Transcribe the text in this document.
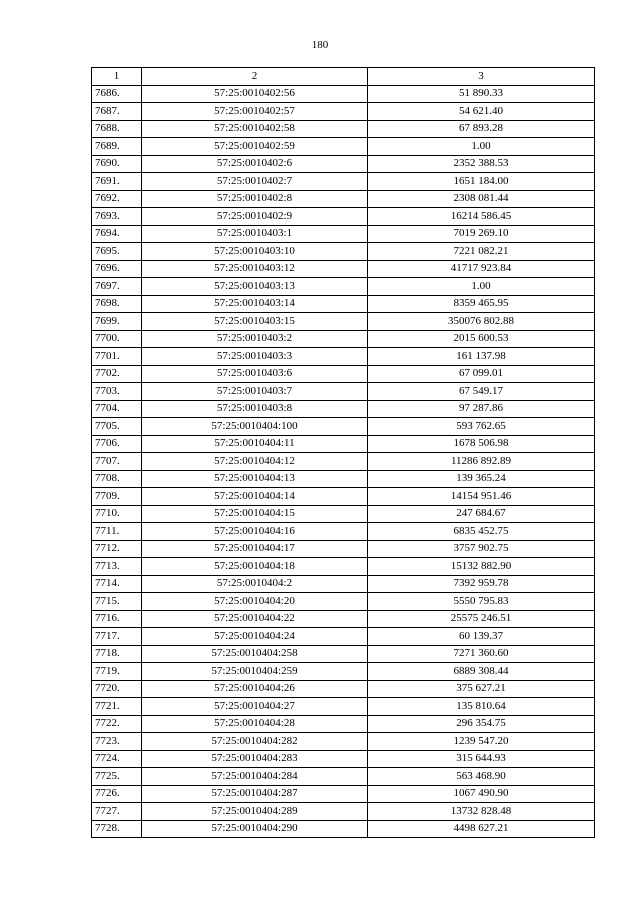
180
1	2	3
7686.	57:25:0010402:56	51 890.33
7687.	57:25:0010402:57	54 621.40
7688.	57:25:0010402:58	67 893.28
7689.	57:25:0010402:59	1.00
7690.	57:25:0010402:6	2352 388.53
7691.	57:25:0010402:7	1651 184.00
7692.	57:25:0010402:8	2308 081.44
7693.	57:25:0010402:9	16214 586.45
7694.	57:25:0010403:1	7019 269.10
7695.	57:25:0010403:10	7221 082.21
7696.	57:25:0010403:12	41717 923.84
7697.	57:25:0010403:13	1.00
7698.	57:25:0010403:14	8359 465.95
7699.	57:25:0010403:15	350076 802.88
7700.	57:25:0010403:2	2015 600.53
7701.	57:25:0010403:3	161 137.98
7702.	57:25:0010403:6	67 099.01
7703.	57:25:0010403:7	67 549.17
7704.	57:25:0010403:8	97 287.86
7705.	57:25:0010404:100	593 762.65
7706.	57:25:0010404:11	1678 506.98
7707.	57:25:0010404:12	11286 892.89
7708.	57:25:0010404:13	139 365.24
7709.	57:25:0010404:14	14154 951.46
7710.	57:25:0010404:15	247 684.67
7711.	57:25:0010404:16	6835 452.75
7712.	57:25:0010404:17	3757 902.75
7713.	57:25:0010404:18	15132 882.90
7714.	57:25:0010404:2	7392 959.78
7715.	57:25:0010404:20	5550 795.83
7716.	57:25:0010404:22	25575 246.51
7717.	57:25:0010404:24	60 139.37
7718.	57:25:0010404:258	7271 360.60
7719.	57:25:0010404:259	6889 308.44
7720.	57:25:0010404:26	375 627.21
7721.	57:25:0010404:27	135 810.64
7722.	57:25:0010404:28	296 354.75
7723.	57:25:0010404:282	1239 547.20
7724.	57:25:0010404:283	315 644.93
7725.	57:25:0010404:284	563 468.90
7726.	57:25:0010404:287	1067 490.90
7727.	57:25:0010404:289	13732 828.48
7728.	57:25:0010404:290	4498 627.21
